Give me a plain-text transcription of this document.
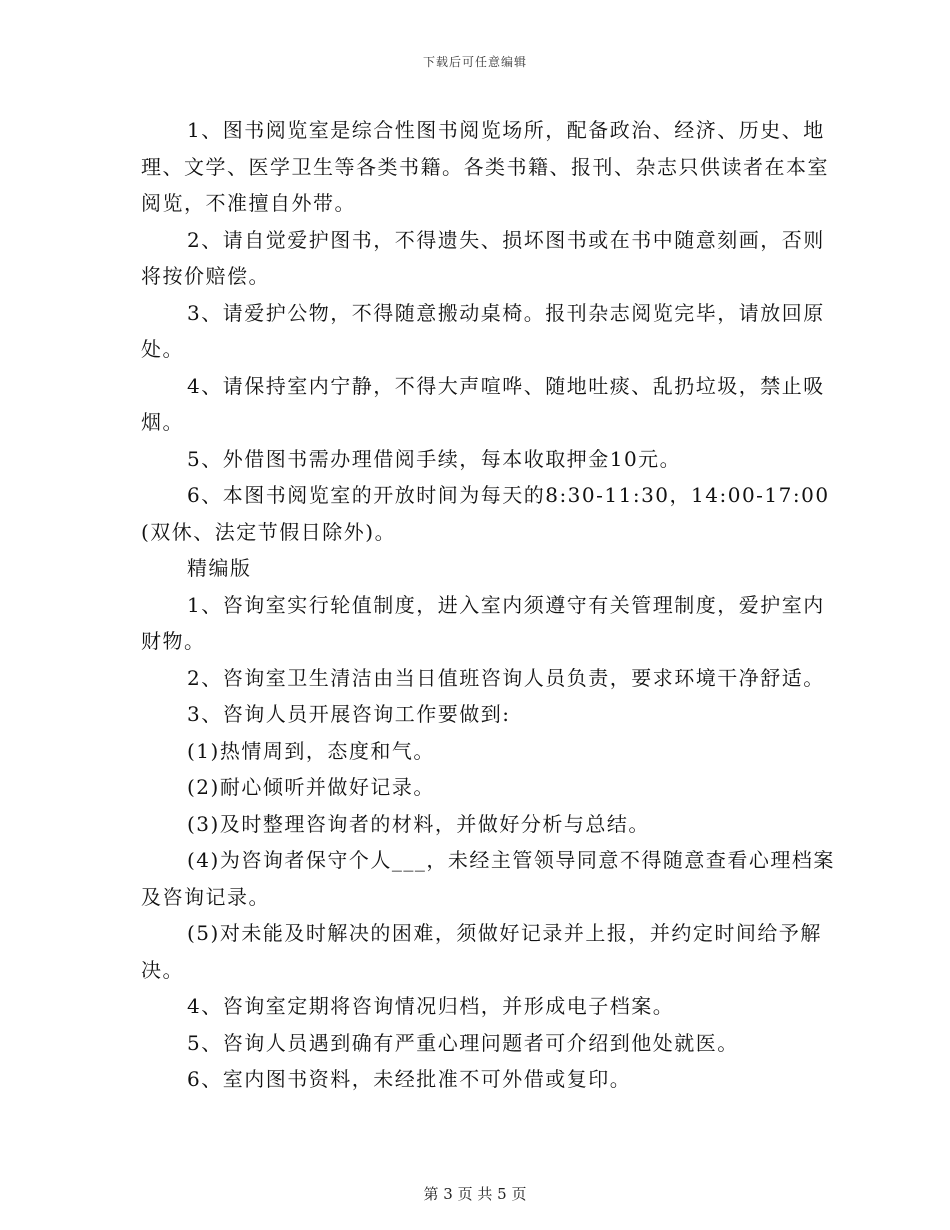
下载后可任意编辑

1、图书阅览室是综合性图书阅览场所，配备政治、经济、历史、地理、文学、医学卫生等各类书籍。各类书籍、报刊、杂志只供读者在本室阅览，不准擅自外带。

2、请自觉爱护图书，不得遗失、损坏图书或在书中随意刻画，否则将按价赔偿。

3、请爱护公物，不得随意搬动桌椅。报刊杂志阅览完毕，请放回原处。

4、请保持室内宁静，不得大声喧哗、随地吐痰、乱扔垃圾，禁止吸烟。

5、外借图书需办理借阅手续，每本收取押金10元。

6、本图书阅览室的开放时间为每天的8:30-11:30，14:00-17:00(双休、法定节假日除外)。

精编版

1、咨询室实行轮值制度，进入室内须遵守有关管理制度，爱护室内财物。

2、咨询室卫生清洁由当日值班咨询人员负责，要求环境干净舒适。

3、咨询人员开展咨询工作要做到:

(1)热情周到，态度和气。

(2)耐心倾听并做好记录。

(3)及时整理咨询者的材料，并做好分析与总结。

(4)为咨询者保守个人___，未经主管领导同意不得随意查看心理档案及咨询记录。

(5)对未能及时解决的困难，须做好记录并上报，并约定时间给予解决。

4、咨询室定期将咨询情况归档，并形成电子档案。

5、咨询人员遇到确有严重心理问题者可介绍到他处就医。

6、室内图书资料，未经批准不可外借或复印。

第 3 页 共 5 页
